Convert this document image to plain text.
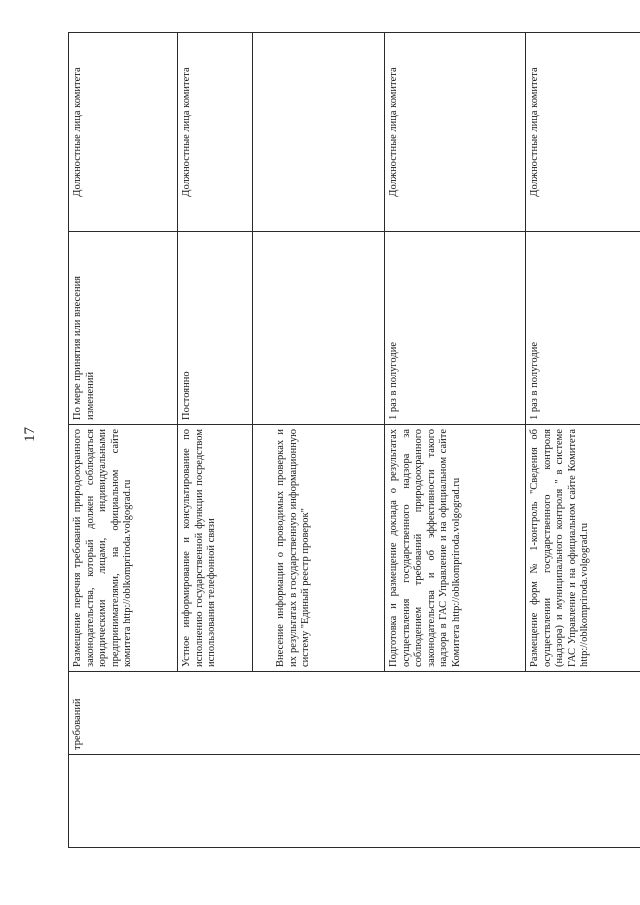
17
	требований	Размещение перечня требований природоохранного законодательства, который должен соблюдаться юридическими лицами, индивидуальными предпринимателями, на официальном сайте комитета http://oblkompriroda.volgograd.ru	По мере принятия или внесения изменений	Должностные лица комитета
		Устное информирование и консультирование по исполнению государственной функции посредством использования телефонной связи	Постоянно	Должностные лица комитета
		Внесение информации о проводимых проверках и их результатах в государственную информационную систему "Единый реестр проверок"		
		Подготовка и размещение доклада о результатах осуществления государственного надзора за соблюдением требований природоохранного законодательства и об эффективности такого надзора в ГАС Управление и на официальном сайте Комитета http://oblkompriroda.volgograd.ru	1 раз в полугодие	Должностные лица комитета
		Размещение форм № 1-контроль "Сведения об осуществлении государственного контроля (надзора) и муниципального контроля " в системе ГАС Управление и на официальном сайте Комитета http://oblkompriroda.volgograd.ru	1 раз в полугодие	Должностные лица комитета
